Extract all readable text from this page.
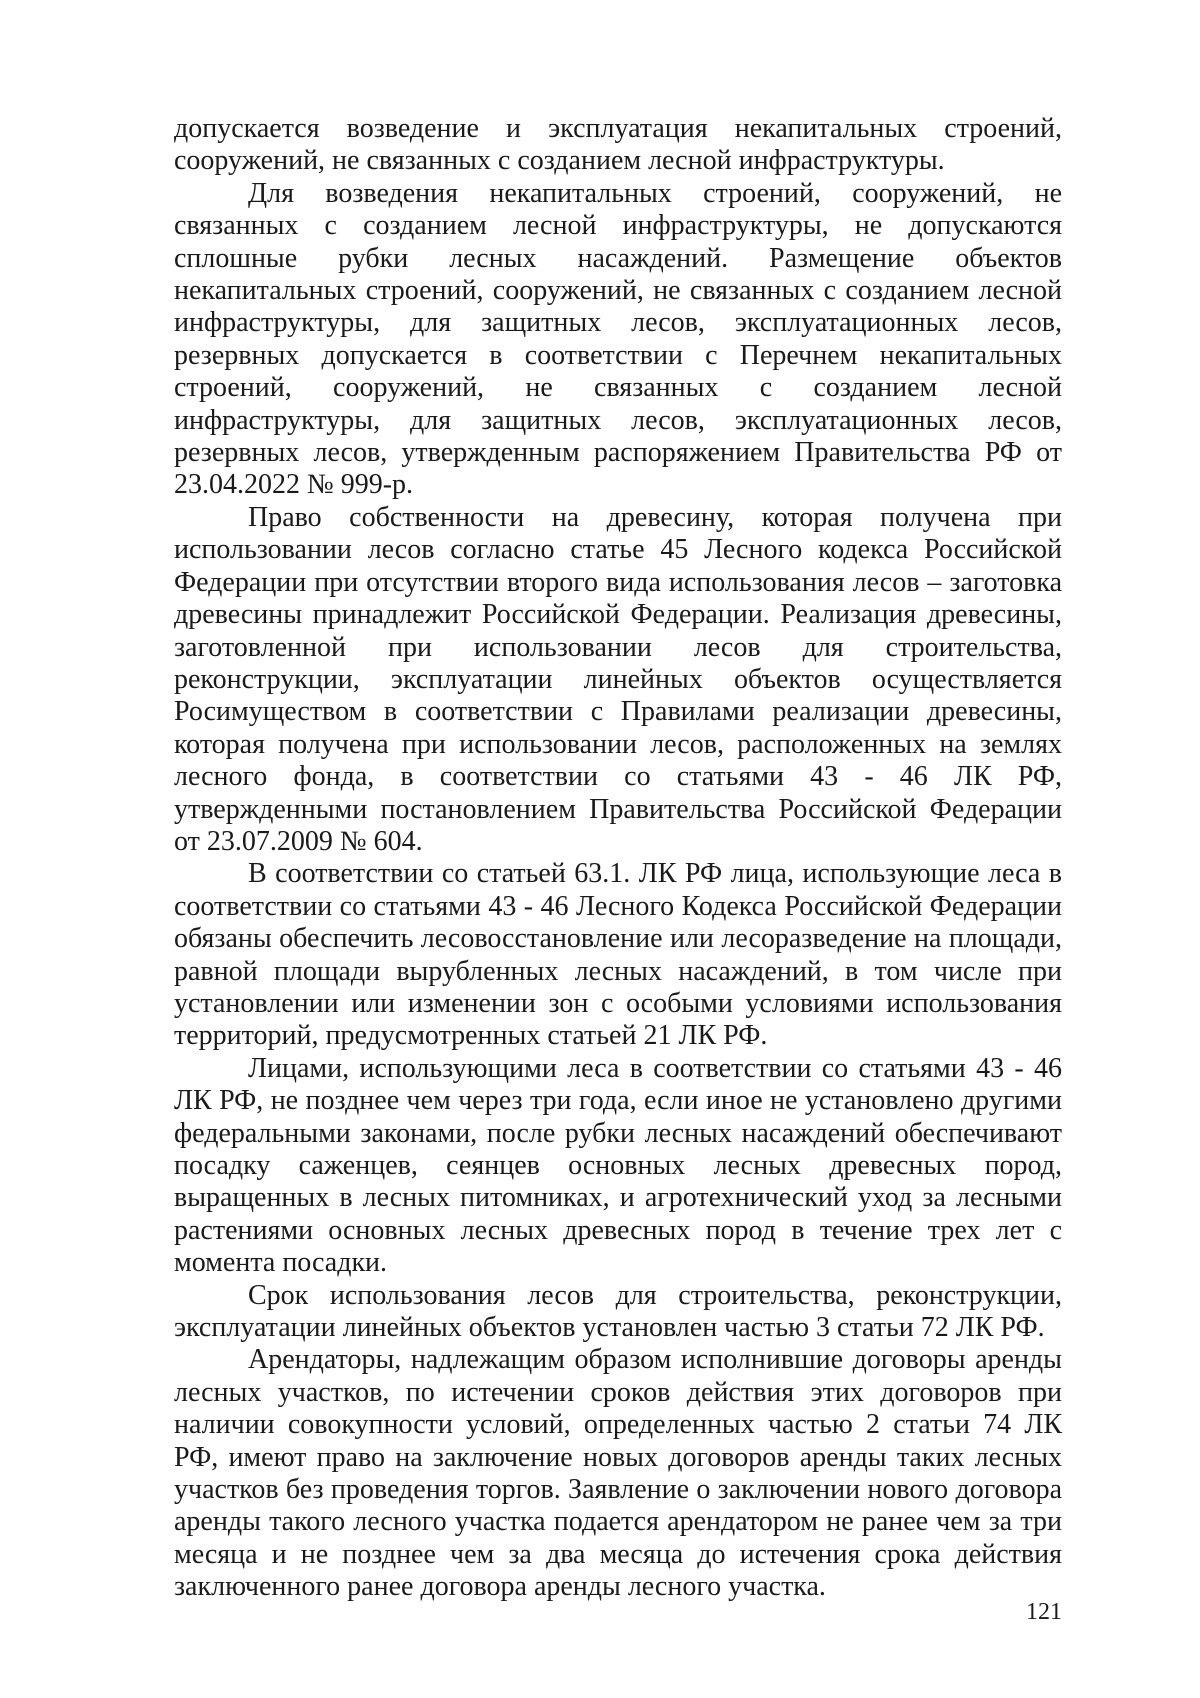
допускается возведение и эксплуатация некапитальных строений, сооружений, не связанных с созданием лесной инфраструктуры.

Для возведения некапитальных строений, сооружений, не связанных с созданием лесной инфраструктуры, не допускаются сплошные рубки лесных насаждений. Размещение объектов некапитальных строений, сооружений, не связанных с созданием лесной инфраструктуры, для защитных лесов, эксплуатационных лесов, резервных допускается в соответствии с Перечнем некапитальных строений, сооружений, не связанных с созданием лесной инфраструктуры, для защитных лесов, эксплуатационных лесов, резервных лесов, утвержденным распоряжением Правительства РФ от 23.04.2022 № 999-р.

Право собственности на древесину, которая получена при использовании лесов согласно статье 45 Лесного кодекса Российской Федерации при отсутствии второго вида использования лесов – заготовка древесины принадлежит Российской Федерации. Реализация древесины, заготовленной при использовании лесов для строительства, реконструкции, эксплуатации линейных объектов осуществляется Росимуществом в соответствии с Правилами реализации древесины, которая получена при использовании лесов, расположенных на землях лесного фонда, в соответствии со статьями 43 - 46 ЛК РФ, утвержденными постановлением Правительства Российской Федерации от 23.07.2009 № 604.

В соответствии со статьей 63.1. ЛК РФ лица, использующие леса в соответствии со статьями 43 - 46 Лесного Кодекса Российской Федерации обязаны обеспечить лесовосстановление или лесоразведение на площади, равной площади вырубленных лесных насаждений, в том числе при установлении или изменении зон с особыми условиями использования территорий, предусмотренных статьей 21 ЛК РФ.

Лицами, использующими леса в соответствии со статьями 43 - 46 ЛК РФ, не позднее чем через три года, если иное не установлено другими федеральными законами, после рубки лесных насаждений обеспечивают посадку саженцев, сеянцев основных лесных древесных пород, выращенных в лесных питомниках, и агротехнический уход за лесными растениями основных лесных древесных пород в течение трех лет с момента посадки.

Срок использования лесов для строительства, реконструкции, эксплуатации линейных объектов установлен частью 3 статьи 72 ЛК РФ.

Арендаторы, надлежащим образом исполнившие договоры аренды лесных участков, по истечении сроков действия этих договоров при наличии совокупности условий, определенных частью 2 статьи 74 ЛК РФ, имеют право на заключение новых договоров аренды таких лесных участков без проведения торгов. Заявление о заключении нового договора аренды такого лесного участка подается арендатором не ранее чем за три месяца и не позднее чем за два месяца до истечения срока действия заключенного ранее договора аренды лесного участка.

121
